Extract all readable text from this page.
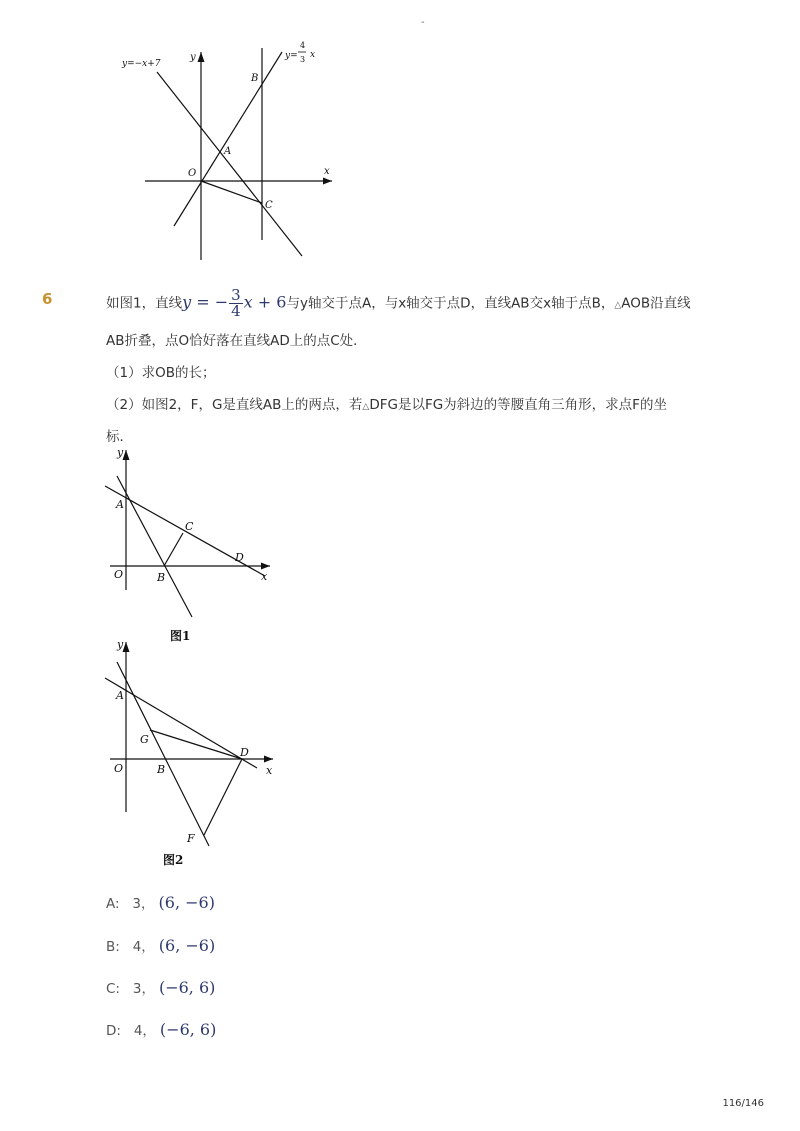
-
y=−x+7
y=
4
3 x
y
x
O
A
B
C
6	如图1，直线y = − $\frac{3}{4}$ x + 6与y轴交于点A，与x轴交于点D，直线AB交x轴于点B，△AOB沿直线
AB折叠，点O恰好落在直线AD上的点C处．
（1）求OB的长；
（2）如图2，F，G是直线AB上的两点，若△DFG是以FG为斜边的等腰直角三角形，求点F的坐
标．
y
x
O
A
B
C
D
图1
y
x
O
A
B
D
F
G
图2
A: 3， (6, −6)
B: 4， (6, −6)
C: 3， (−6, 6)
D: 4， (−6, 6)
116/146
